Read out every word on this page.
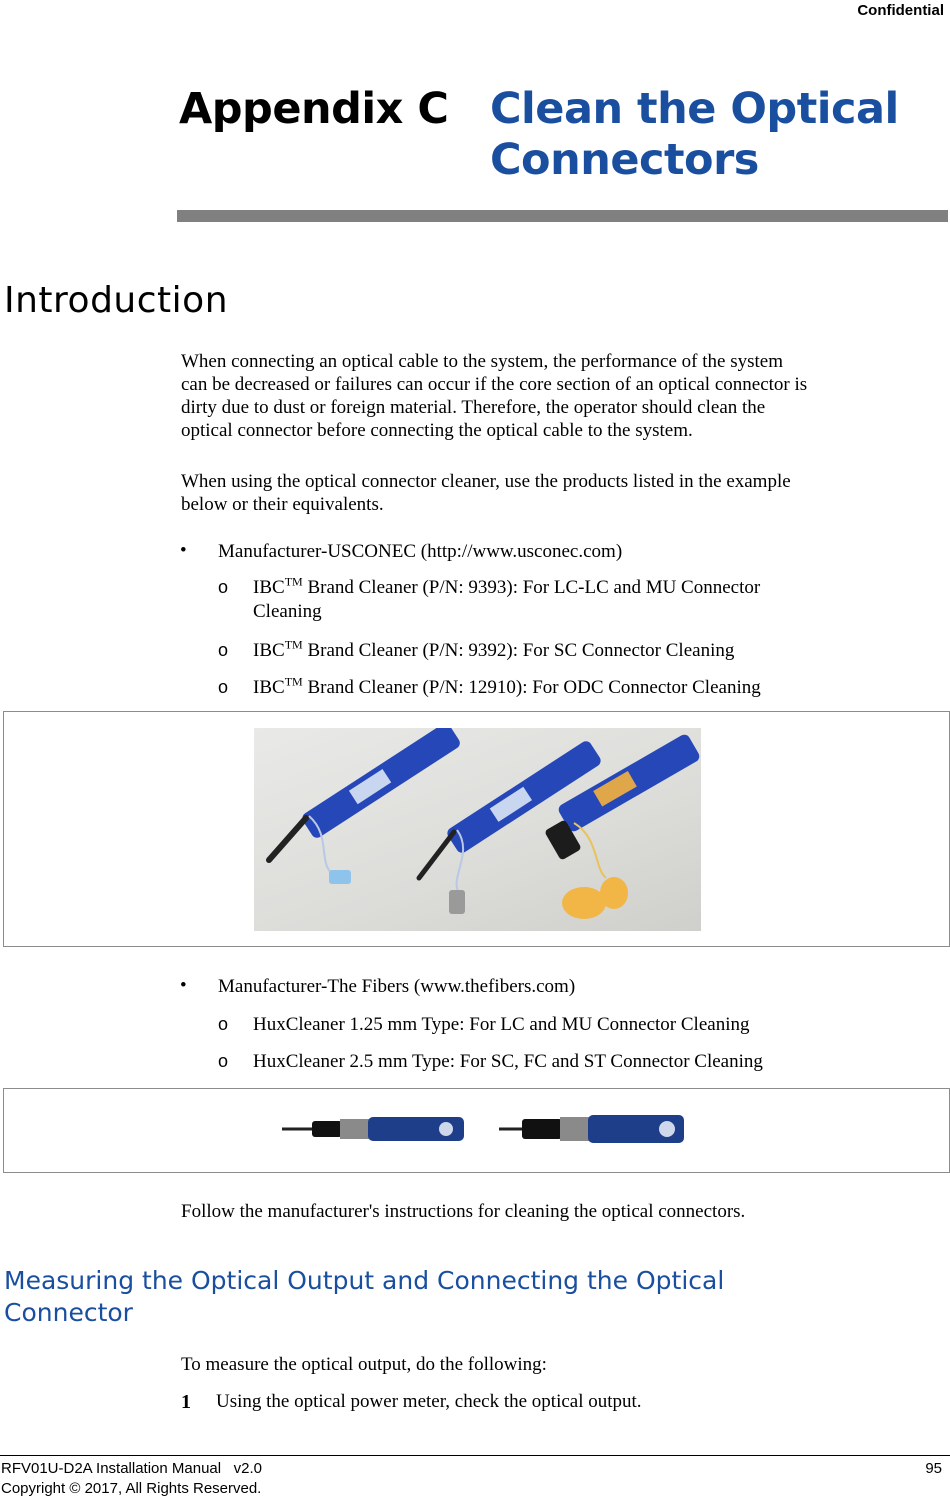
Confidential
Appendix C Clean the Optical
Connectors
Introduction
When connecting an optical cable to the system, the performance of the system
can be decreased or failures can occur if the core section of an optical connector is
dirty due to dust or foreign material. Therefore, the operator should clean the
optical connector before connecting the optical cable to the system.
When using the optical connector cleaner, use the products listed in the example
below or their equivalents.
• Manufacturer-USCONEC (http://www.usconec.com)
o IBC™ Brand Cleaner (P/N: 9393): For LC-LC and MU Connector
Cleaning
o IBC™ Brand Cleaner (P/N: 9392): For SC Connector Cleaning
o IBC™ Brand Cleaner (P/N: 12910): For ODC Connector Cleaning
• Manufacturer-The Fibers (www.thefibers.com)
o HuxCleaner 1.25 mm Type: For LC and MU Connector Cleaning
o HuxCleaner 2.5 mm Type: For SC, FC and ST Connector Cleaning
Follow the manufacturer's instructions for cleaning the optical connectors.
Measuring the Optical Output and Connecting the Optical
Connector
To measure the optical output, do the following:
1 Using the optical power meter, check the optical output.
RFV01U-D2A Installation Manual   v2.0	95
Copyright © 2017, All Rights Reserved.
